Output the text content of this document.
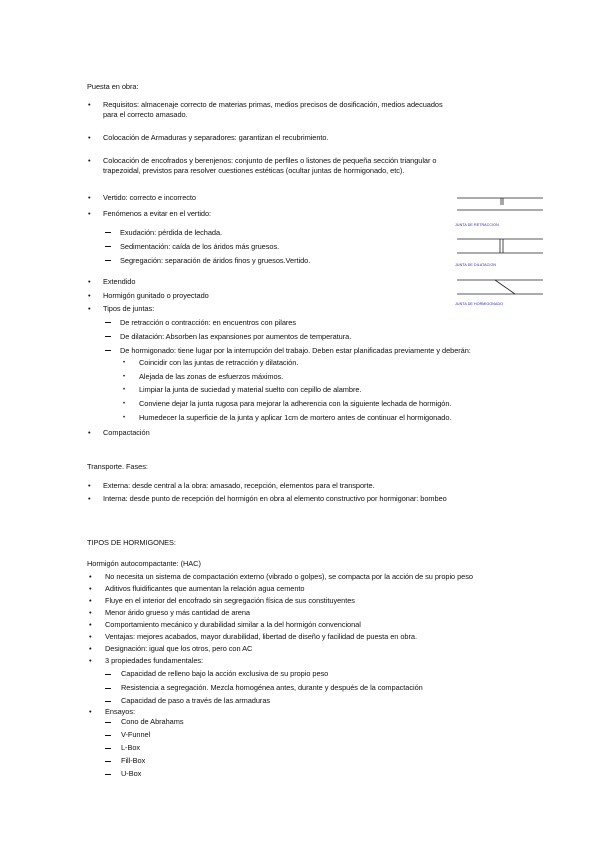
Puesta en obra:
• Requisitos: almacenaje correcto de materias primas, medios precisos de dosificación, medios adecuados para el correcto amasado.
• Colocación de Armaduras y separadores: garantizan el recubrimiento.
• Colocación de encofrados y berenjenos: conjunto de perfiles o listones de pequeña sección triangular o trapezoidal, previstos para resolver cuestiones estéticas (ocultar juntas de hormigonado, etc).
• Vertido: correcto e incorrecto
• Fenómenos a evitar en el vertido:
Exudación: pérdida de lechada.
Sedimentación: caída de los áridos más gruesos.
Segregación: separación de áridos finos y gruesos.Vertido.
• Extendido
• Hormigón gunitado o proyectado
• Tipos de juntas:
De retracción o contracción: en encuentros con pilares
De dilatación: Absorben las expansiones por aumentos de temperatura.
De hormigonado: tiene lugar por la interrupción del trabajo. Deben estar planificadas previamente y deberán:
• Coincidir con las juntas de retracción y dilatación.
• Alejada de las zonas de esfuerzos máximos.
• Limpiar la junta de suciedad y material suelto con cepillo de alambre.
• Conviene dejar la junta rugosa para mejorar la adherencia con la siguiente lechada de hormigón.
• Humedecer la superficie de la junta y aplicar 1cm de mortero antes de continuar el hormigonado.
• Compactación
JUNTA DE RETRACCION
JUNTA DE DILATACION
JUNTA DE HORMIGONADO
Transporte. Fases:
• Externa: desde central a la obra: amasado, recepción, elementos para el transporte.
• Interna: desde punto de recepción del hormigón en obra al elemento constructivo por hormigonar: bombeo
TIPOS DE HORMIGONES:
Hormigón autocompactante: (HAC)
• No necesita un sistema de compactación externo (vibrado o golpes), se compacta por la acción de su propio peso
• Aditivos fluidificantes que aumentan la relación agua cemento
• Fluye en el interior del encofrado sin segregación física de sus constituyentes
• Menor árido grueso y más cantidad de arena
• Comportamiento mecánico y durabilidad similar a la del hormigón convencional
• Ventajas: mejores acabados, mayor durabilidad, libertad de diseño y facilidad de puesta en obra.
• Designación: igual que los otros, pero con AC
• 3 propiedades fundamentales:
Capacidad de relleno bajo la acción exclusiva de su propio peso
Resistencia a segregación. Mezcla homogénea antes, durante y después de la compactación
Capacidad de paso a través de las armaduras
• Ensayos:
Cono de Abrahams
V-Funnel
L-Box
Fill-Box
U-Box
